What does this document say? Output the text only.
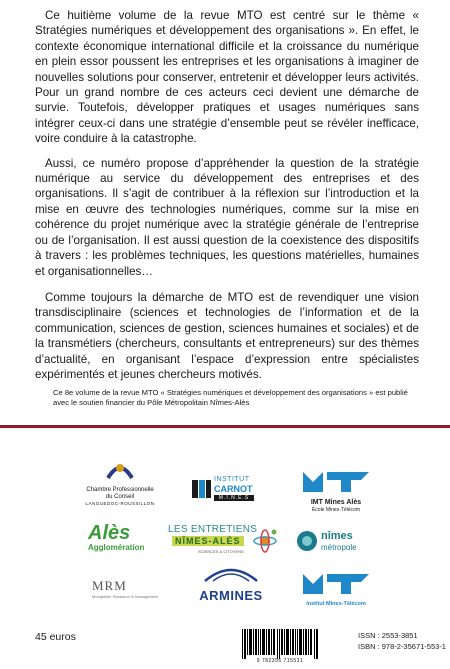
Ce huitième volume de la revue MTO est centré sur le thème « Stratégies numériques et développement des organisations ». En effet, le contexte économique international difficile et la croissance du numérique en plein essor poussent les entreprises et les organisations à imaginer de nouvelles solutions pour conserver, entretenir et développer leurs activités. Pour un grand nombre de ces acteurs ceci devient une démarche de survie. Toutefois, développer pratiques et usages numériques sans intégrer ceux-ci dans une stratégie d’ensemble peut se révéler inefficace, voire conduire à la catastrophe.

Aussi, ce numéro propose d’appréhender la question de la stratégie numérique au service du développement des entreprises et des organisations. Il s’agit de contribuer à la réflexion sur l’introduction et la mise en œuvre des technologies numériques, comme sur la mise en cohérence du projet numérique avec la stratégie générale de l’entreprise ou de l’organisation. Il est aussi question de la coexistence des dispositifs à travers : les problèmes techniques, les questions matérielles, humaines et organisationnelles…

Comme toujours la démarche de MTO est de revendiquer une vision transdisciplinaire (sciences et technologies de l’information et de la communication, sciences de gestion, sciences humaines et sociales) et de la transmétiers (chercheurs, consultants et entrepreneurs) sur des thèmes d’actualité, en organisant l’espace d’expression entre spécialistes expérimentés et jeunes chercheurs motivés.

Ce 8e volume de la revue MTO « Stratégies numériques et développement des organisations » est publié avec le soutien financier du Pôle Métropolitain Nîmes-Alès
Chambre Professionnelle
du Conseil
LANGUEDOC-ROUSSILLON
INSTITUT
CARNOT
M.I.N.E.S
IMT Mines Alès
École Mines-Télécom
Alès
Agglomération
LES ENTRETIENS
NÎMES-ALÈS
SCIENCES & CITOYENS
nîmes
métropole
MRM
Montpellier Research in Management	ARMINES
Institut Mines-Télécom
45 euros
9 782356 715531
ISSN : 2553-3851
ISBN : 978-2-35671-553-1
